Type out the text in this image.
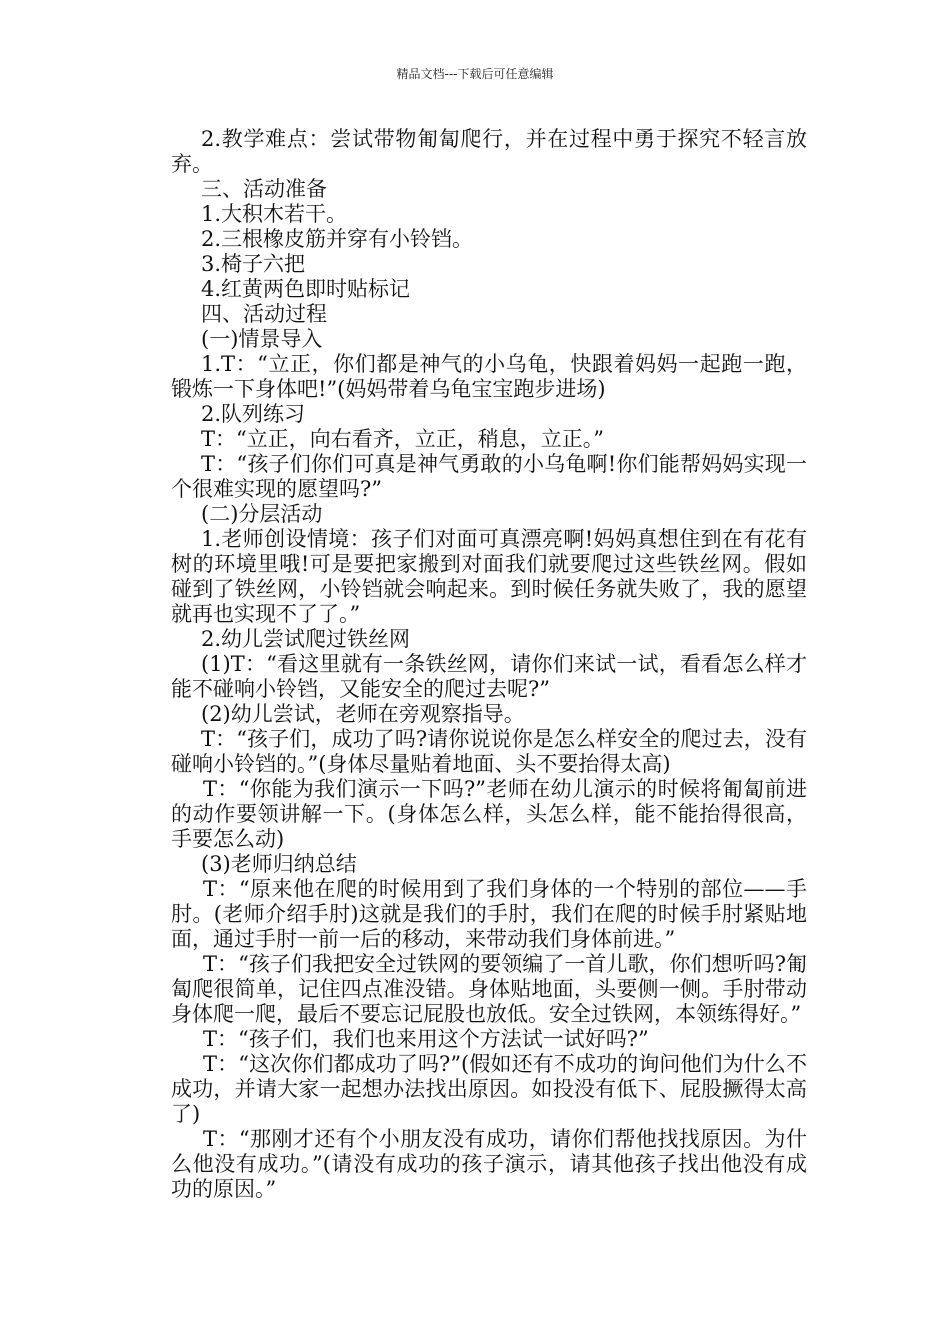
精品文档---下载后可任意编辑

2.教学难点：尝试带物匍匐爬行，并在过程中勇于探究不轻言放弃。

三、活动准备

1.大积木若干。

2.三根橡皮筋并穿有小铃铛。

3.椅子六把

4.红黄两色即时贴标记

四、活动过程

(一)情景导入

1.T：“立正，你们都是神气的小乌龟，快跟着妈妈一起跑一跑，锻炼一下身体吧!”(妈妈带着乌龟宝宝跑步进场)

2.队列练习

T：“立正，向右看齐，立正，稍息，立正。”

T：“孩子们你们可真是神气勇敢的小乌龟啊!你们能帮妈妈实现一个很难实现的愿望吗?”

(二)分层活动

1.老师创设情境：孩子们对面可真漂亮啊!妈妈真想住到在有花有树的环境里哦!可是要把家搬到对面我们就要爬过这些铁丝网。假如碰到了铁丝网，小铃铛就会响起来。到时候任务就失败了，我的愿望就再也实现不了了。”

2.幼儿尝试爬过铁丝网

(1)T：“看这里就有一条铁丝网，请你们来试一试，看看怎么样才能不碰响小铃铛，又能安全的爬过去呢?”

(2)幼儿尝试，老师在旁观察指导。

T：“孩子们，成功了吗?请你说说你是怎么样安全的爬过去，没有碰响小铃铛的。”(身体尽量贴着地面、头不要抬得太高)

T：“你能为我们演示一下吗?”老师在幼儿演示的时候将匍匐前进的动作要领讲解一下。(身体怎么样，头怎么样，能不能抬得很高，手要怎么动)

(3)老师归纳总结

T：“原来他在爬的时候用到了我们身体的一个特别的部位——手肘。(老师介绍手肘)这就是我们的手肘，我们在爬的时候手肘紧贴地面，通过手肘一前一后的移动，来带动我们身体前进。”

T：“孩子们我把安全过铁网的要领编了一首儿歌，你们想听吗?匍匐爬很简单，记住四点准没错。身体贴地面，头要侧一侧。手肘带动身体爬一爬，最后不要忘记屁股也放低。安全过铁网，本领练得好。”

T：“孩子们，我们也来用这个方法试一试好吗?”

T：“这次你们都成功了吗?”(假如还有不成功的询问他们为什么不成功，并请大家一起想办法找出原因。如投没有低下、屁股撅得太高了)

T：“那刚才还有个小朋友没有成功，请你们帮他找找原因。为什么他没有成功。”(请没有成功的孩子演示，请其他孩子找出他没有成功的原因。”
